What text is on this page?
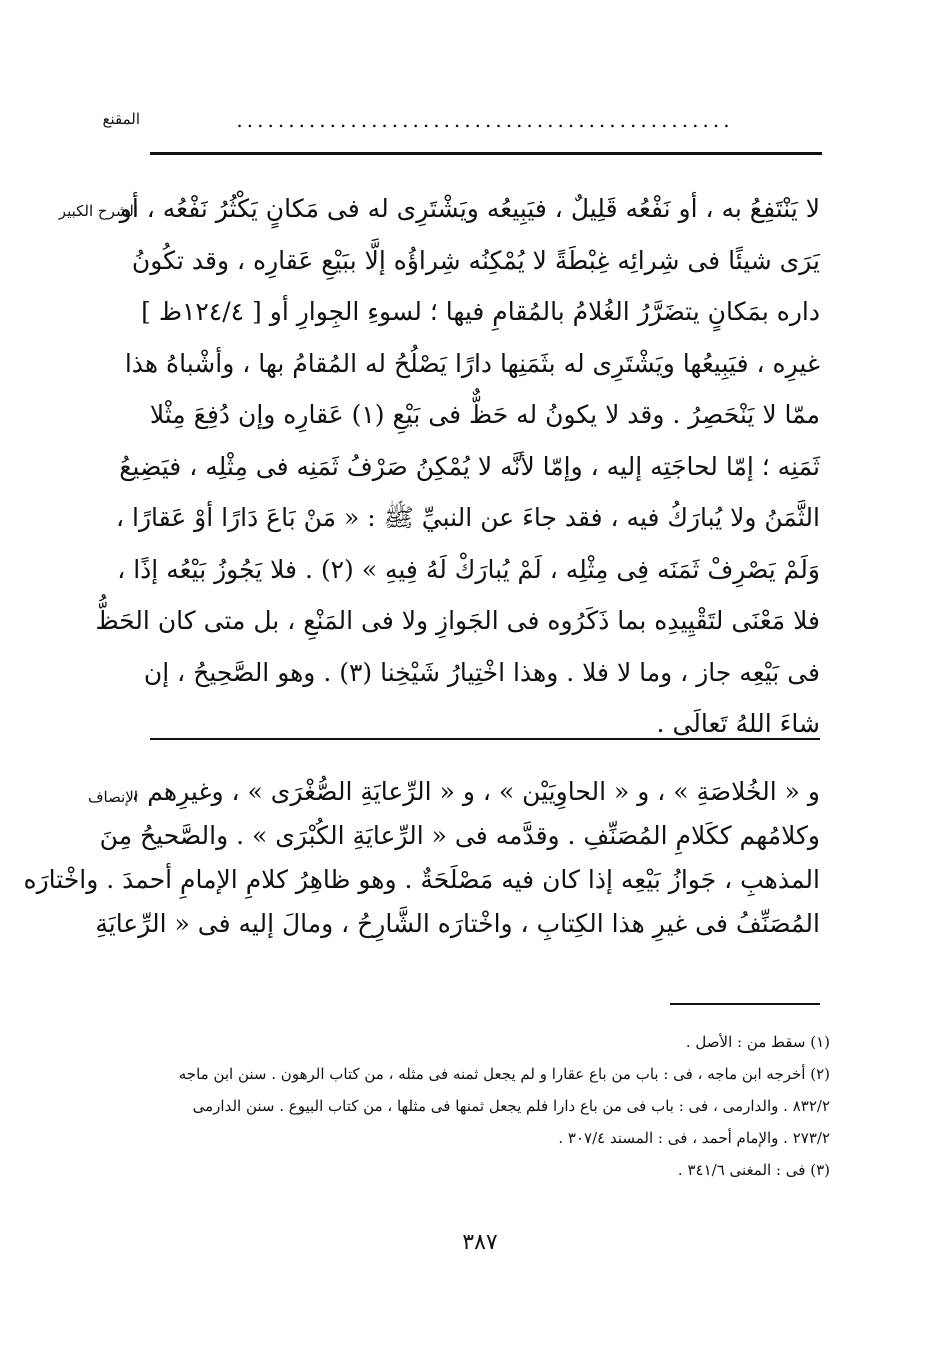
المقنع	................................................
الشرح الكبير
لا يَنْتَفِعُ به ، أو نَفْعُه قَلِيلٌ ، فيَبِيعُه ويَشْتَرِى له فى مَكانٍ يَكْثُرُ نَفْعُه ، أو
يَرَى شيئًا فى شِرائِه غِبْطَةً لا يُمْكِنُه شِراؤُه إلَّا ببَيْعِ عَقارِه ، وقد تكُونُ
داره بمَكانٍ يتضَرَّرُ الغُلامُ بالمُقامِ فيها ؛ لسوءِ الجِوارِ أو [ ١٢٤/٤ظ ]
غيرِه ، فيَبِيعُها ويَشْتَرِى له بثَمَنِها دارًا يَصْلُحُ له المُقامُ بها ، وأشْباهُ هذا
ممّا لا يَنْحَصِرُ . وقد لا يكونُ له حَظٌّ فى بَيْعِ (١) عَقارِه وإن دُفِعَ مِثْلا
ثَمَنِه ؛ إمّا لحاجَتِه إليه ، وإمّا لأنَّه لا يُمْكِنُ صَرْفُ ثَمَنِه فى مِثْلِه ، فيَضِيعُ
الثَّمَنُ ولا يُبارَكُ فيه ، فقد جاءَ عن النبيِّ ﷺ : « مَنْ بَاعَ دَارًا أوْ عَقارًا ،
وَلَمْ يَصْرِفْ ثَمَنَه فِى مِثْلِه ، لَمْ يُبارَكْ لَهُ فِيهِ » (٢) . فلا يَجُوزُ بَيْعُه إذًا ،
فلا مَعْنَى لتَقْيِيدِه بما ذَكَرُوه فى الجَوازِ ولا فى المَنْعِ ، بل متى كان الحَظُّ
فى بَيْعِه جاز ، وما لا فلا . وهذا اخْتِيارُ شَيْخِنا (٣) . وهو الصَّحِيحُ ، إن
شاءَ اللهُ تَعالَى .
الإنصاف
و « الخُلاصَةِ » ، و « الحاوِيَيْن » ، و « الرِّعايَةِ الصُّغْرَى » ، وغيرِهم ،
وكلامُهم ككَلامِ المُصَنِّفِ . وقدَّمه فى « الرِّعايَةِ الكُبْرَى » . والصَّحيحُ مِنَ
المذهبِ ، جَوازُ بَيْعِه إذا كان فيه مَصْلَحَةٌ . وهو ظاهِرُ كلامِ الإمامِ أحمدَ . واخْتارَه
المُصَنِّفُ فى غيرِ هذا الكِتابِ ، واخْتارَه الشَّارِحُ ، ومالَ إليه فى « الرِّعايَةِ
(١) سقط من : الأصل .
(٢) أخرجه ابن ماجه ، فى : باب من باع عقارا و لم يجعل ثمنه فى مثله ، من كتاب الرهون . سنن ابن ماجه
٨٣٢/٢ . والدارمى ، فى : باب فى من باع دارا فلم يجعل ثمنها فى مثلها ، من كتاب البيوع . سنن الدارمى
٢٧٣/٢ . والإمام أحمد ، فى : المسند ٣٠٧/٤ .
(٣) فى : المغنى ٣٤١/٦ .
٣٨٧
